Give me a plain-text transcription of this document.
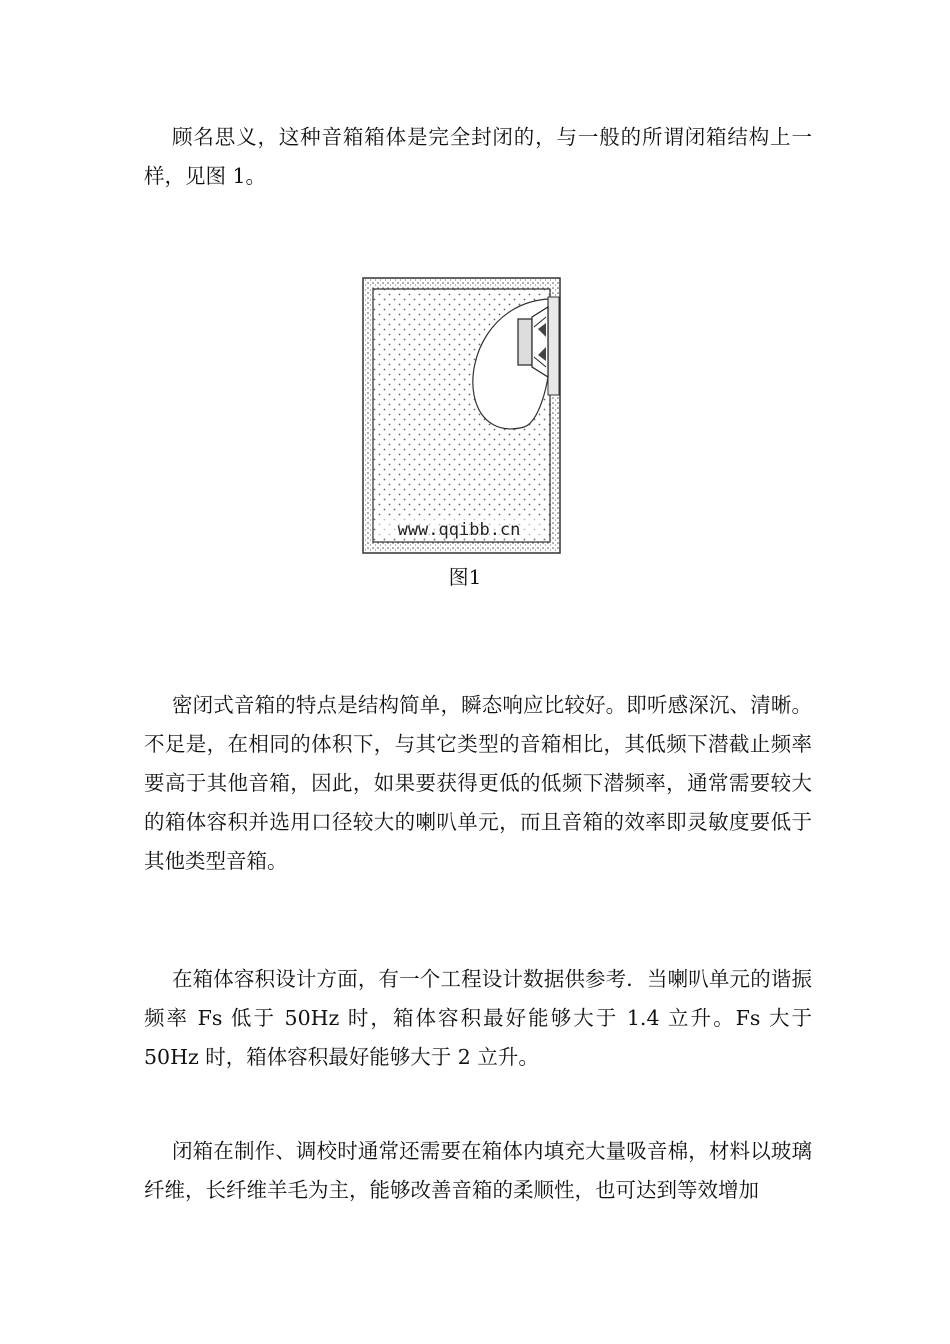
顾名思义，这种音箱箱体是完全封闭的，与一般的所谓闭箱结构上一样，见图 1。

www.qqibb.cn
图1

密闭式音箱的特点是结构简单，瞬态响应比较好。即听感深沉、清晰。不足是，在相同的体积下，与其它类型的音箱相比，其低频下潜截止频率要高于其他音箱，因此，如果要获得更低的低频下潜频率，通常需要较大的箱体容积并选用口径较大的喇叭单元，而且音箱的效率即灵敏度要低于其他类型音箱。

在箱体容积设计方面，有一个工程设计数据供参考．当喇叭单元的谐振频率 Fs 低于 50Hz 时，箱体容积最好能够大于 1.4 立升。Fs 大于 50Hz 时，箱体容积最好能够大于 2 立升。

闭箱在制作、调校时通常还需要在箱体内填充大量吸音棉，材料以玻璃纤维，长纤维羊毛为主，能够改善音箱的柔顺性，也可达到等效增加
